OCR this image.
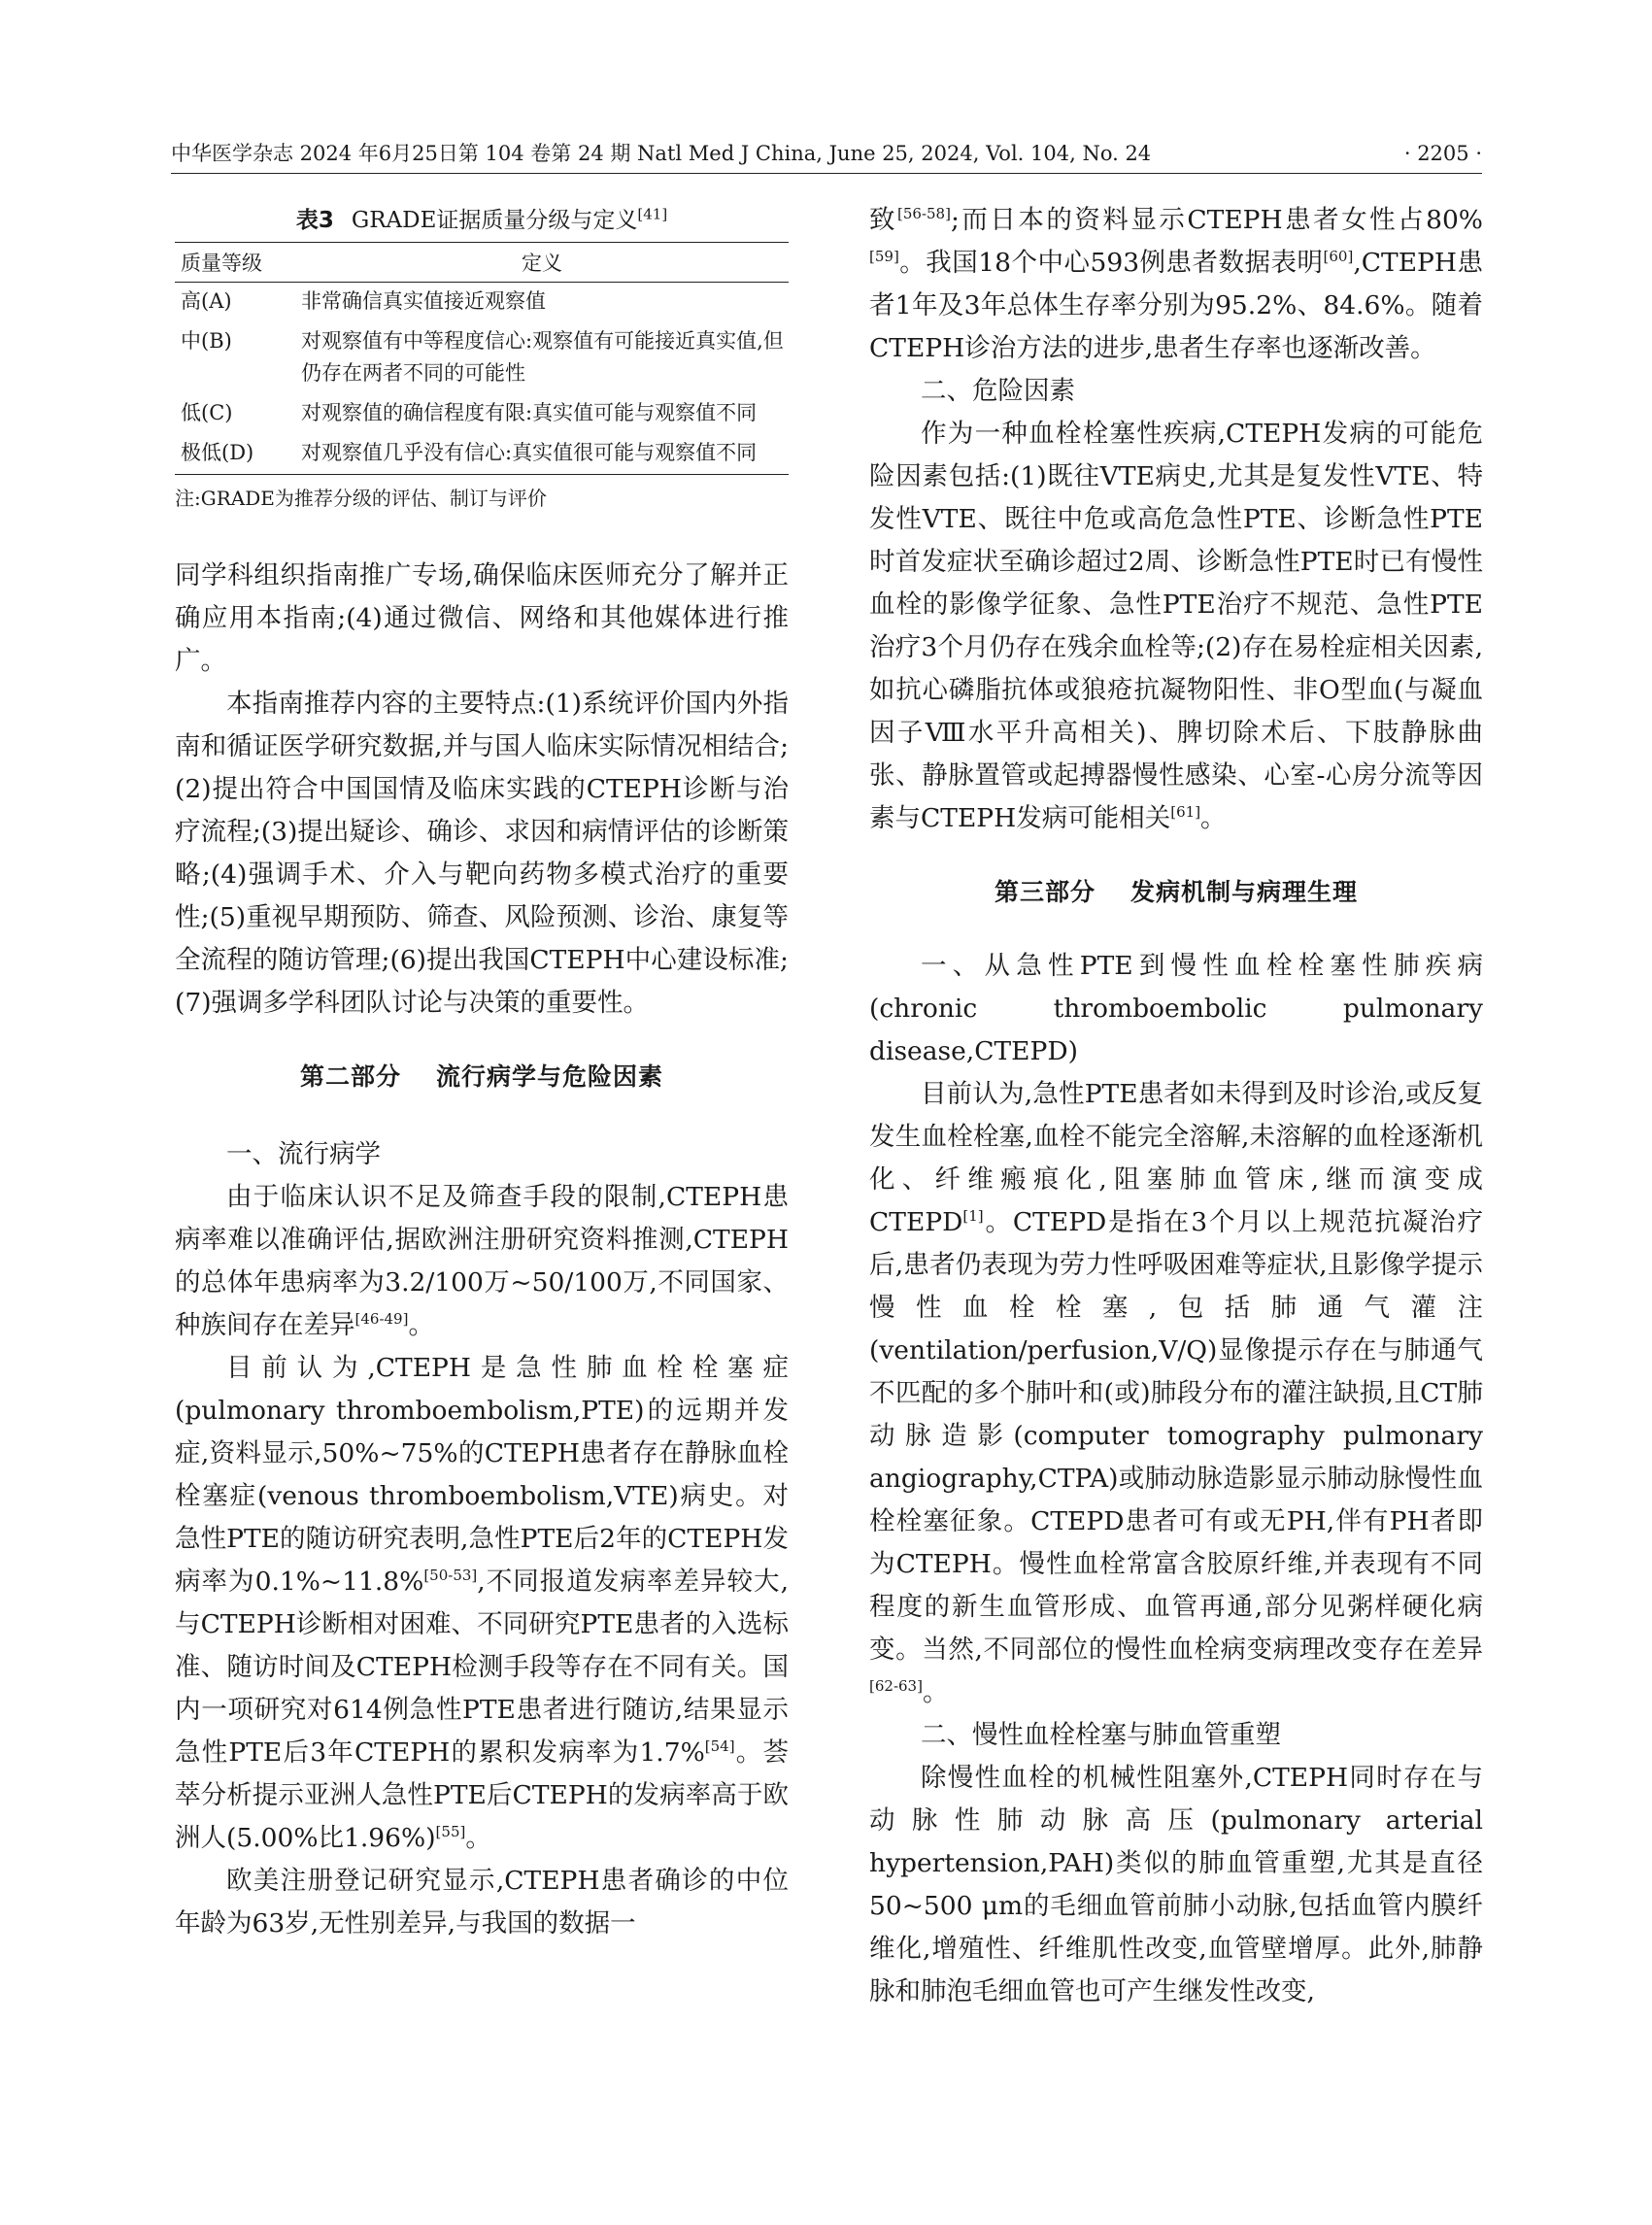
中华医学杂志 2024 年6月25日第 104 卷第 24 期 Natl Med J China, June 25, 2024, Vol. 104, No. 24	· 2205 ·
表3 GRADE证据质量分级与定义[41]
质量等级	定义
高(A)	非常确信真实值接近观察值
中(B)	对观察值有中等程度信心:观察值有可能接近真实值,但仍存在两者不同的可能性
低(C)	对观察值的确信程度有限:真实值可能与观察值不同
极低(D)	对观察值几乎没有信心:真实值很可能与观察值不同
注:GRADE为推荐分级的评估、制订与评价

同学科组织指南推广专场,确保临床医师充分了解并正确应用本指南;(4)通过微信、网络和其他媒体进行推广。

本指南推荐内容的主要特点:(1)系统评价国内外指南和循证医学研究数据,并与国人临床实际情况相结合;(2)提出符合中国国情及临床实践的CTEPH诊断与治疗流程;(3)提出疑诊、确诊、求因和病情评估的诊断策略;(4)强调手术、介入与靶向药物多模式治疗的重要性;(5)重视早期预防、筛查、风险预测、诊治、康复等全流程的随访管理;(6)提出我国CTEPH中心建设标准;(7)强调多学科团队讨论与决策的重要性。

第二部分 流行病学与危险因素

一、流行病学

由于临床认识不足及筛查手段的限制,CTEPH患病率难以准确评估,据欧洲注册研究资料推测,CTEPH的总体年患病率为3.2/100万~50/100万,不同国家、种族间存在差异[46-49]。

目前认为,CTEPH是急性肺血栓栓塞症(pulmonary thromboembolism,PTE)的远期并发症,资料显示,50%~75%的CTEPH患者存在静脉血栓栓塞症(venous thromboembolism,VTE)病史。对急性PTE的随访研究表明,急性PTE后2年的CTEPH发病率为0.1%~11.8%[50-53],不同报道发病率差异较大,与CTEPH诊断相对困难、不同研究PTE患者的入选标准、随访时间及CTEPH检测手段等存在不同有关。国内一项研究对614例急性PTE患者进行随访,结果显示急性PTE后3年CTEPH的累积发病率为1.7%[54]。荟萃分析提示亚洲人急性PTE后CTEPH的发病率高于欧洲人(5.00%比1.96%)[55]。

欧美注册登记研究显示,CTEPH患者确诊的中位年龄为63岁,无性别差异,与我国的数据一

致[56-58];而日本的资料显示CTEPH患者女性占80%[59]。我国18个中心593例患者数据表明[60],CTEPH患者1年及3年总体生存率分别为95.2%、84.6%。随着CTEPH诊治方法的进步,患者生存率也逐渐改善。

二、危险因素

作为一种血栓栓塞性疾病,CTEPH发病的可能危险因素包括:(1)既往VTE病史,尤其是复发性VTE、特发性VTE、既往中危或高危急性PTE、诊断急性PTE时首发症状至确诊超过2周、诊断急性PTE时已有慢性血栓的影像学征象、急性PTE治疗不规范、急性PTE治疗3个月仍存在残余血栓等;(2)存在易栓症相关因素,如抗心磷脂抗体或狼疮抗凝物阳性、非O型血(与凝血因子Ⅷ水平升高相关)、脾切除术后、下肢静脉曲张、静脉置管或起搏器慢性感染、心室-心房分流等因素与CTEPH发病可能相关[61]。

第三部分 发病机制与病理生理

一、从急性PTE到慢性血栓栓塞性肺疾病(chronic thromboembolic pulmonary disease,CTEPD)

目前认为,急性PTE患者如未得到及时诊治,或反复发生血栓栓塞,血栓不能完全溶解,未溶解的血栓逐渐机化、纤维瘢痕化,阻塞肺血管床,继而演变成CTEPD[1]。CTEPD是指在3个月以上规范抗凝治疗后,患者仍表现为劳力性呼吸困难等症状,且影像学提示慢性血栓栓塞,包括肺通气灌注(ventilation/perfusion,V/Q)显像提示存在与肺通气不匹配的多个肺叶和(或)肺段分布的灌注缺损,且CT肺动脉造影(computer tomography pulmonary angiography,CTPA)或肺动脉造影显示肺动脉慢性血栓栓塞征象。CTEPD患者可有或无PH,伴有PH者即为CTEPH。慢性血栓常富含胶原纤维,并表现有不同程度的新生血管形成、血管再通,部分见粥样硬化病变。当然,不同部位的慢性血栓病变病理改变存在差异[62-63]。

二、慢性血栓栓塞与肺血管重塑

除慢性血栓的机械性阻塞外,CTEPH同时存在与动脉性肺动脉高压(pulmonary arterial hypertension,PAH)类似的肺血管重塑,尤其是直径50~500 μm的毛细血管前肺小动脉,包括血管内膜纤维化,增殖性、纤维肌性改变,血管壁增厚。此外,肺静脉和肺泡毛细血管也可产生继发性改变,
